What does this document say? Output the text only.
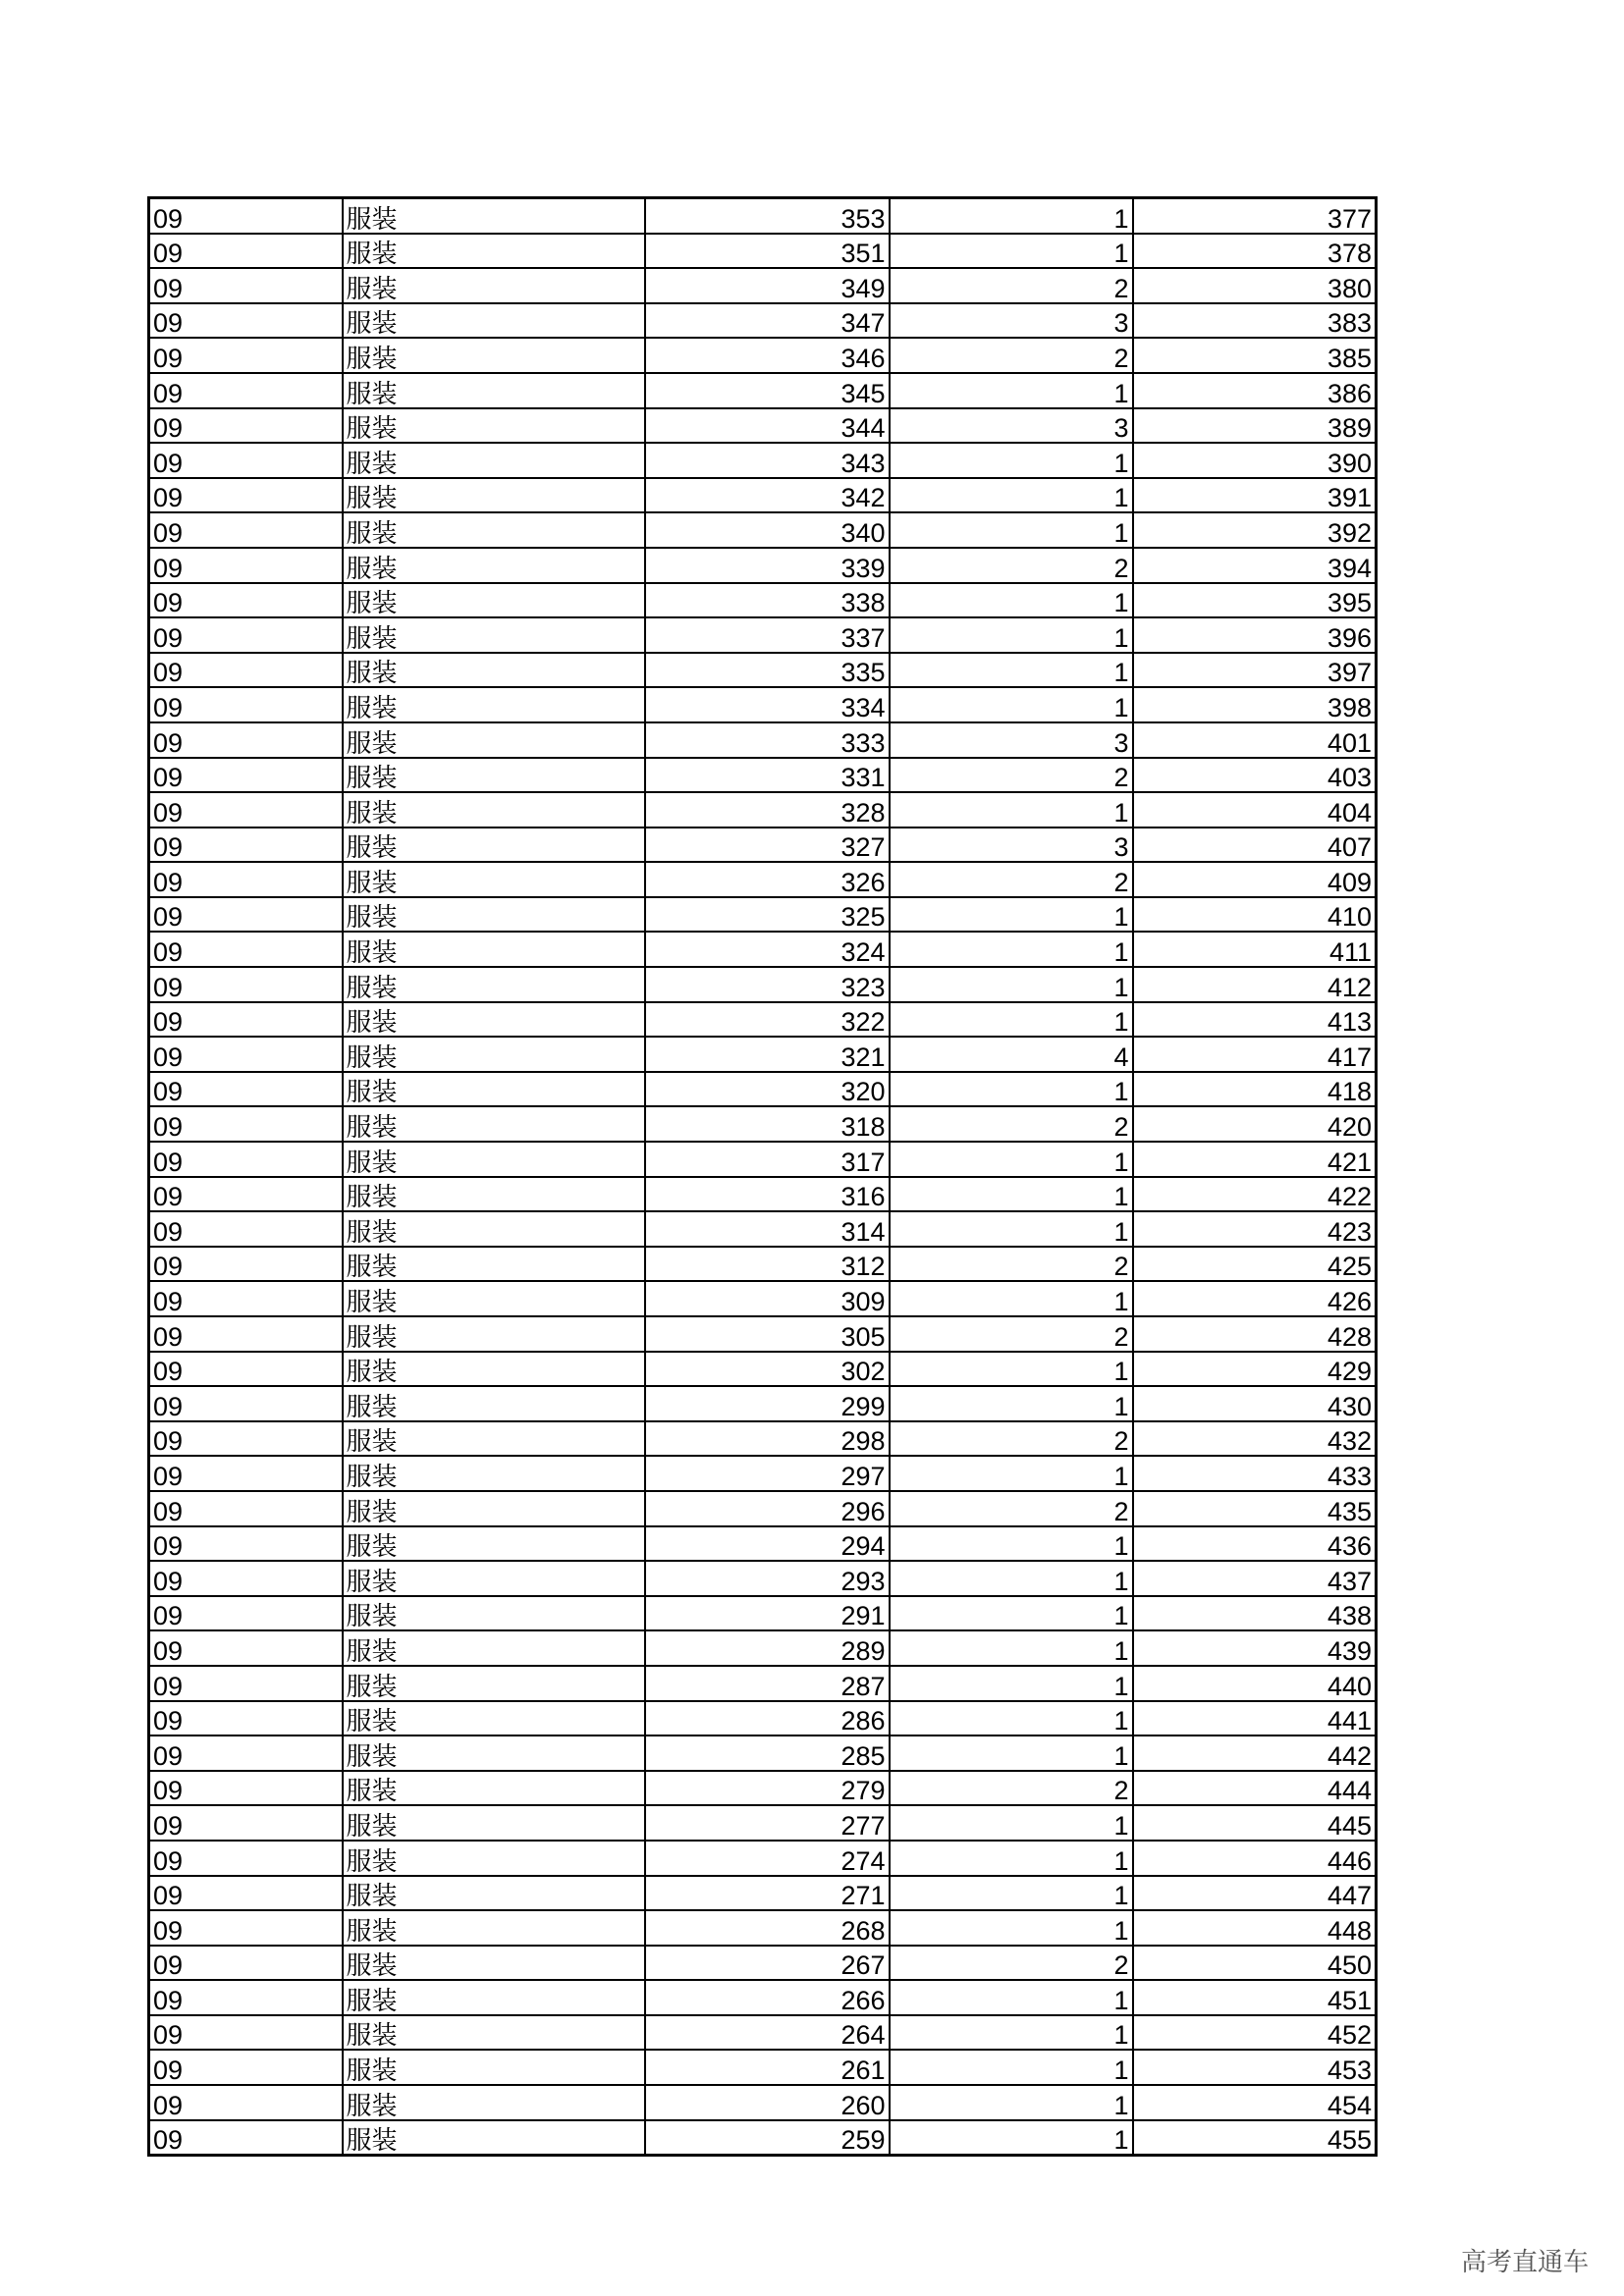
09	服装	353	1	377
09	服装	351	1	378
09	服装	349	2	380
09	服装	347	3	383
09	服装	346	2	385
09	服装	345	1	386
09	服装	344	3	389
09	服装	343	1	390
09	服装	342	1	391
09	服装	340	1	392
09	服装	339	2	394
09	服装	338	1	395
09	服装	337	1	396
09	服装	335	1	397
09	服装	334	1	398
09	服装	333	3	401
09	服装	331	2	403
09	服装	328	1	404
09	服装	327	3	407
09	服装	326	2	409
09	服装	325	1	410
09	服装	324	1	411
09	服装	323	1	412
09	服装	322	1	413
09	服装	321	4	417
09	服装	320	1	418
09	服装	318	2	420
09	服装	317	1	421
09	服装	316	1	422
09	服装	314	1	423
09	服装	312	2	425
09	服装	309	1	426
09	服装	305	2	428
09	服装	302	1	429
09	服装	299	1	430
09	服装	298	2	432
09	服装	297	1	433
09	服装	296	2	435
09	服装	294	1	436
09	服装	293	1	437
09	服装	291	1	438
09	服装	289	1	439
09	服装	287	1	440
09	服装	286	1	441
09	服装	285	1	442
09	服装	279	2	444
09	服装	277	1	445
09	服装	274	1	446
09	服装	271	1	447
09	服装	268	1	448
09	服装	267	2	450
09	服装	266	1	451
09	服装	264	1	452
09	服装	261	1	453
09	服装	260	1	454
09	服装	259	1	455
高考直通车
